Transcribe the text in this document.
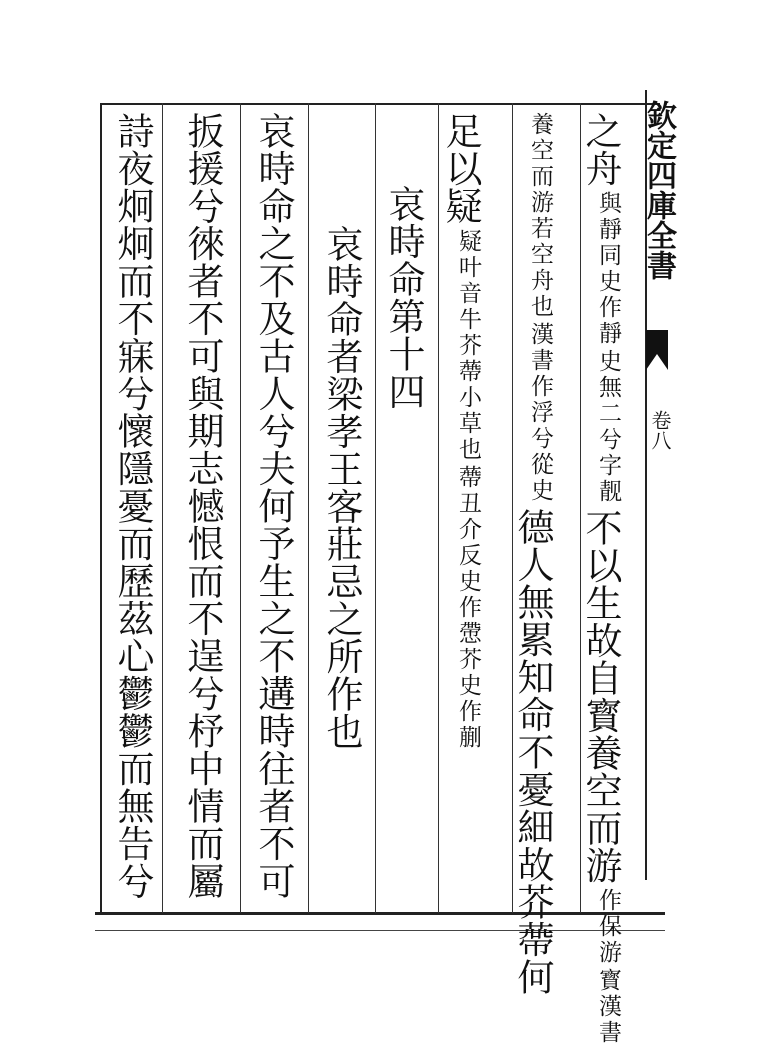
欽定四庫全書
卷八
之舟
史無二兮字靓
與靜同史作靜
不以生故自寳養空而游
寳漢書
作保游
漢書作浮兮從史
養空而游若空舟也
德人無累知命不憂細故芥蔕何
足以疑
蔕丑介反史作慸芥史作蒯
疑叶音牛芥蔕小草也
哀時命第十四
哀時命者梁孝王客莊忌之所作也
哀時命之不及古人兮夫何予生之不遘時往者不可
扳援兮徠者不可與期志憾恨而不逞兮杼中情而屬
詩夜炯炯而不寐兮懷隱憂而歷茲心鬱鬱而無告兮
